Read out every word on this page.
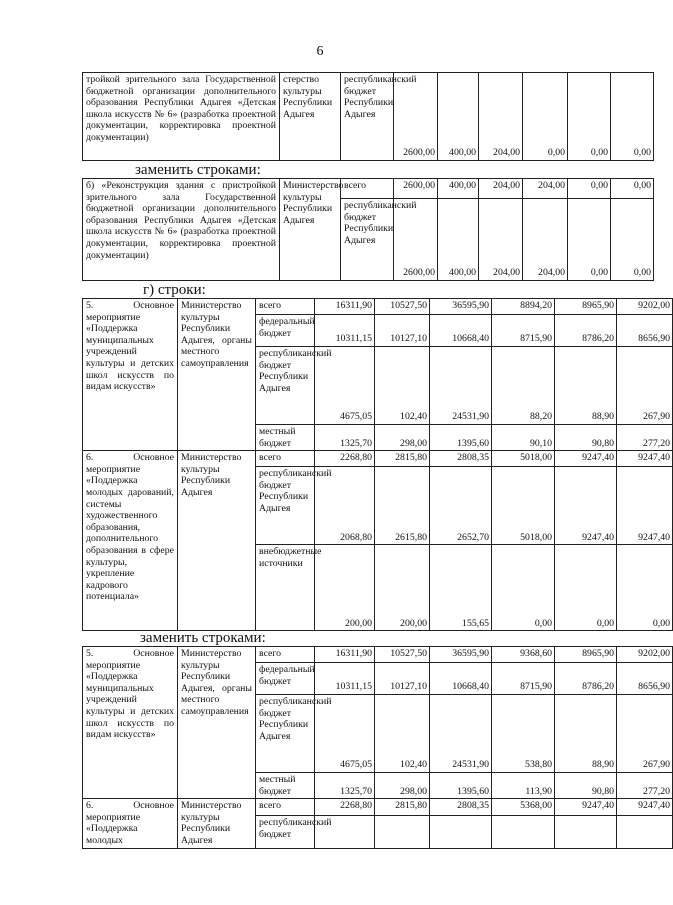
6
тройкой зрительного зала Государственной бюджетной организации дополнительного образования Республики Адыгея «Детская школа искусств № 6» (разработка проектной документации, корректировка проектной документации)	стерство культуры Республики Адыгея	республиканский бюджет Республики Адыгея	2600,00	400,00	204,00	0,00	0,00	0,00
заменить строками:
б) «Реконструкция здания с пристройкой зрительного зала Государственной бюджетной организации дополнительного образования Республики Адыгея «Детская школа искусств № 6» (разработка проектной документации, корректировка проектной документации)	Министерство культуры Республики Адыгея	всего	2600,00	400,00	204,00	204,00	0,00	0,00
		республиканский бюджет Республики Адыгея	2600,00	400,00	204,00	204,00	0,00	0,00
г) строки:
5. Основное мероприятие «Поддержка муниципальных учреждений культуры и детских школ искусств по видам искусств»	Министерство культуры Республики Адыгея, органы местного самоуправления	всего	16311,90	10527,50	36595,90	8894,20	8965,90	9202,00
		федеральный бюджет	10311,15	10127,10	10668,40	8715,90	8786,20	8656,90
		республиканский бюджет Республики Адыгея	4675,05	102,40	24531,90	88,20	88,90	267,90
		местный бюджет	1325,70	298,00	1395,60	90,10	90,80	277,20
6. Основное мероприятие «Поддержка молодых дарований, системы художественного образования, дополнительного образования в сфере культуры, укрепление кадрового потенциала»	Министерство культуры Республики Адыгея	всего	2268,80	2815,80	2808,35	5018,00	9247,40	9247,40
		республиканский бюджет Республики Адыгея	2068,80	2615,80	2652,70	5018,00	9247,40	9247,40
		внебюджетные источники	200,00	200,00	155,65	0,00	0,00	0,00
заменить строками:
5. Основное мероприятие «Поддержка муниципальных учреждений культуры и детских школ искусств по видам искусств»	Министерство культуры Республики Адыгея, органы местного самоуправления	всего	16311,90	10527,50	36595,90	9368,60	8965,90	9202,00
		федеральный бюджет	10311,15	10127,10	10668,40	8715,90	8786,20	8656,90
		республиканский бюджет Республики Адыгея	4675,05	102,40	24531,90	538,80	88,90	267,90
		местный бюджет	1325,70	298,00	1395,60	113,90	90,80	277,20
6. Основное мероприятие «Поддержка молодых	Министерство культуры Республики Адыгея	всего	2268,80	2815,80	2808,35	5368,00	9247,40	9247,40
		республиканский бюджет						
